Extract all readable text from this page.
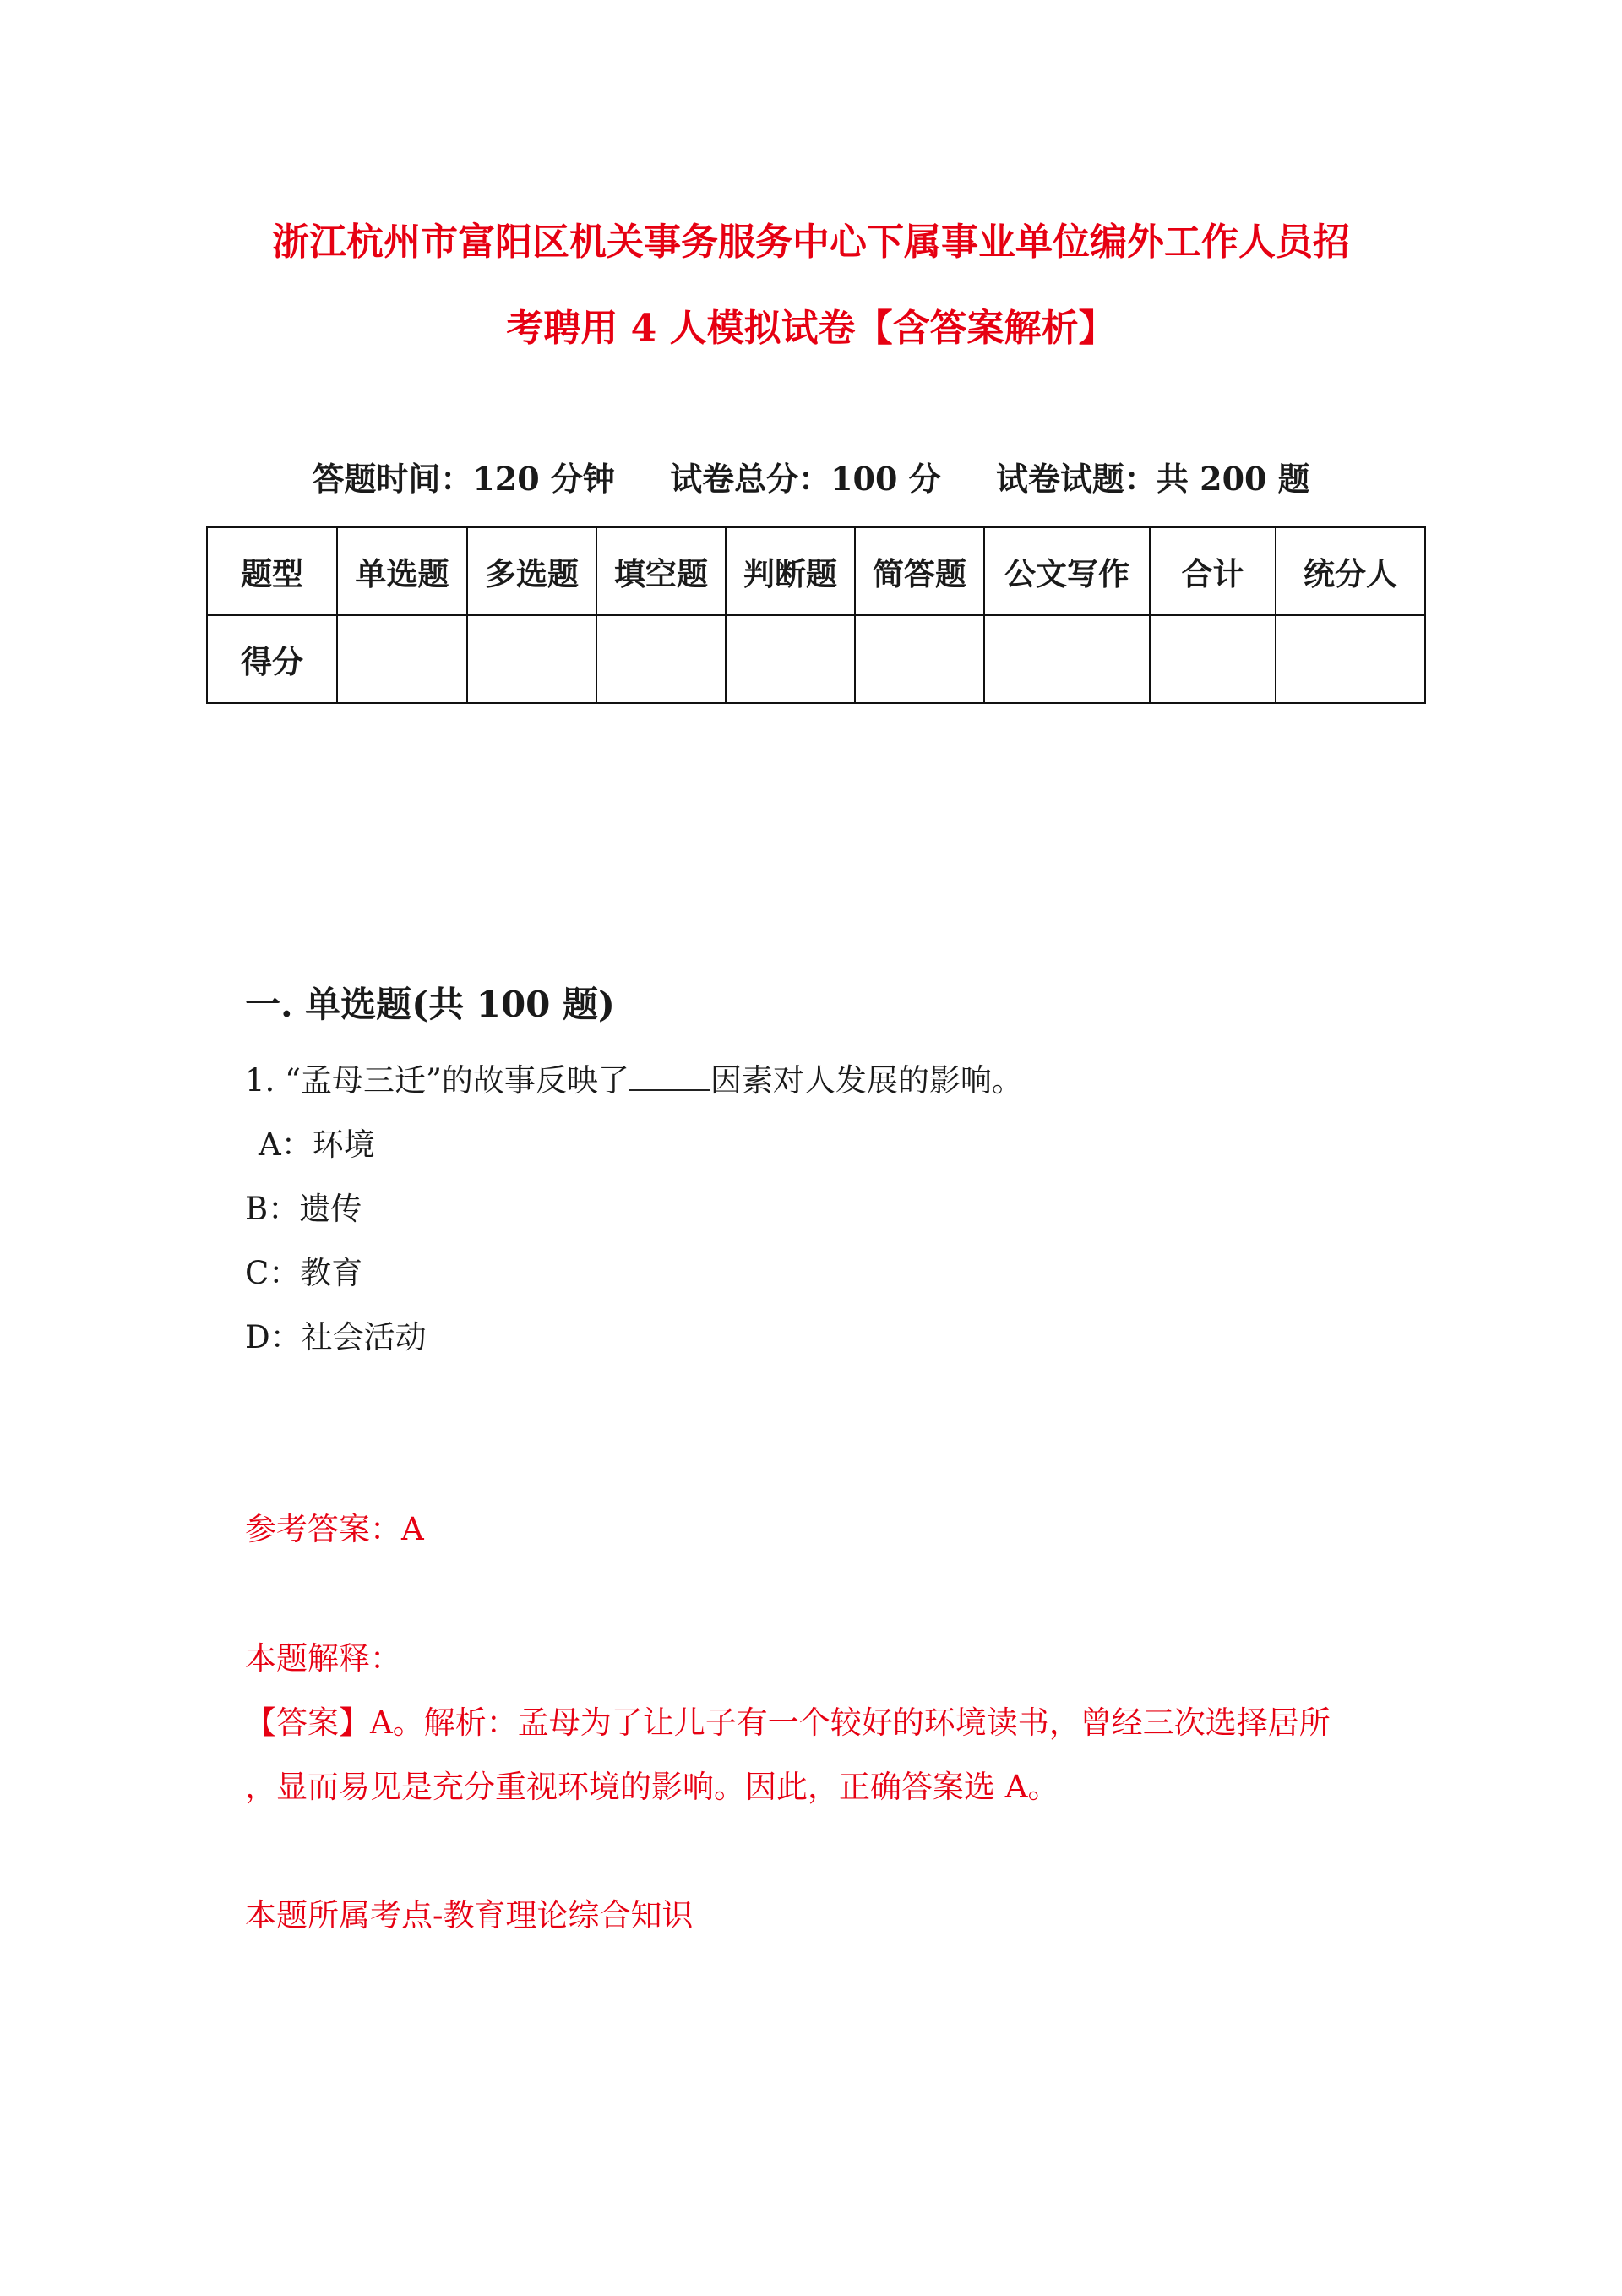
浙江杭州市富阳区机关事务服务中心下属事业单位编外工作人员招
考聘用 4 人模拟试卷【含答案解析】
答题时间：120 分钟 试卷总分：100 分 试卷试题：共 200 题
题型	单选题	多选题	填空题	判断题	简答题	公文写作	合计	统分人
得分								
一. 单选题(共 100 题)
1. “孟母三迁”的故事反映了	因素对人发展的影响。
A：环境
B：遗传
C：教育
D：社会活动
参考答案：A
本题解释：
【答案】A。解析：孟母为了让儿子有一个较好的环境读书，曾经三次选择居所
，显而易见是充分重视环境的影响。因此，正确答案选 A。
本题所属考点-教育理论综合知识
